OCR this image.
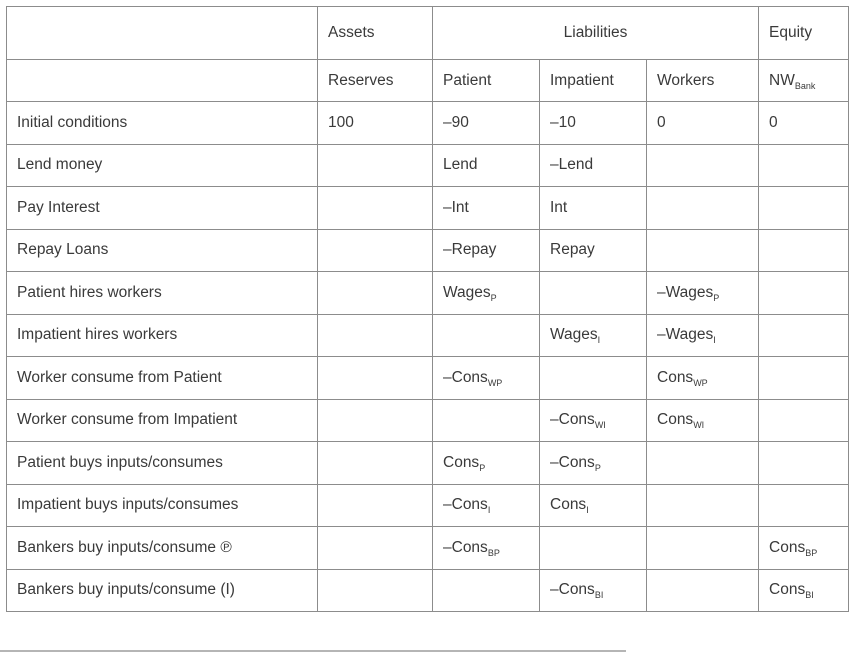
	Assets	Liabilities			Equity
	Reserves	Patient	Impatient	Workers	$NW_{Bank}$
Initial conditions	100	–90	–10	0	0
Lend money		Lend	–Lend		
Pay Interest		–Int	Int		
Repay Loans		–Repay	Repay		
Patient hires workers		Wages$_P$		–Wages$_P$	
Impatient hires workers			Wages$_I$	–Wages$_I$	
Worker consume from Patient		–Cons$_{WP}$		Cons$_{WP}$	
Worker consume from Impatient			–Cons$_{WI}$	Cons$_{WI}$	
Patient buys inputs/consumes		Cons$_P$	–Cons$_P$		
Impatient buys inputs/consumes		–Cons$_I$	Cons$_I$		
Bankers buy inputs/consume ℗		–Cons$_{BP}$			Cons$_{BP}$
Bankers buy inputs/consume (I)			–Cons$_{BI}$		Cons$_{BI}$
